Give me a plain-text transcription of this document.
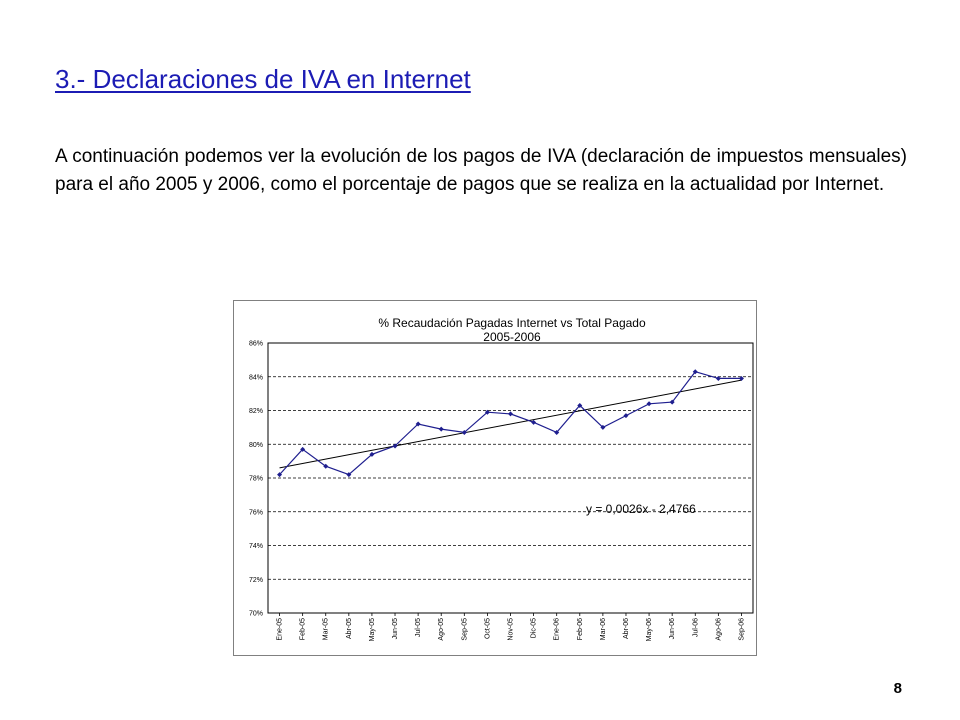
3.- Declaraciones de IVA en Internet
A continuación podemos ver la evolución de los pagos de IVA (declaración de impuestos mensuales) para el año 2005 y 2006, como el porcentaje de pagos que se realiza en la actualidad por Internet.
% Recaudación Pagadas Internet vs Total Pagado
2005-2006
70%
72%
74%
76%
78%
80%
82%
84%
86%
Ene-05 Feb-05 Mar-05 Abr-05 May-05 Jun-05 Jul-05 Ago-05 Sep-05 Oct-05 Nov-05 Dic-05 Ene-06 Feb-06 Mar-06 Abr-06 May-06 Jun-06 Jul-06 Ago-06 Sep-06
y = 0,0026x - 2,4766
8
